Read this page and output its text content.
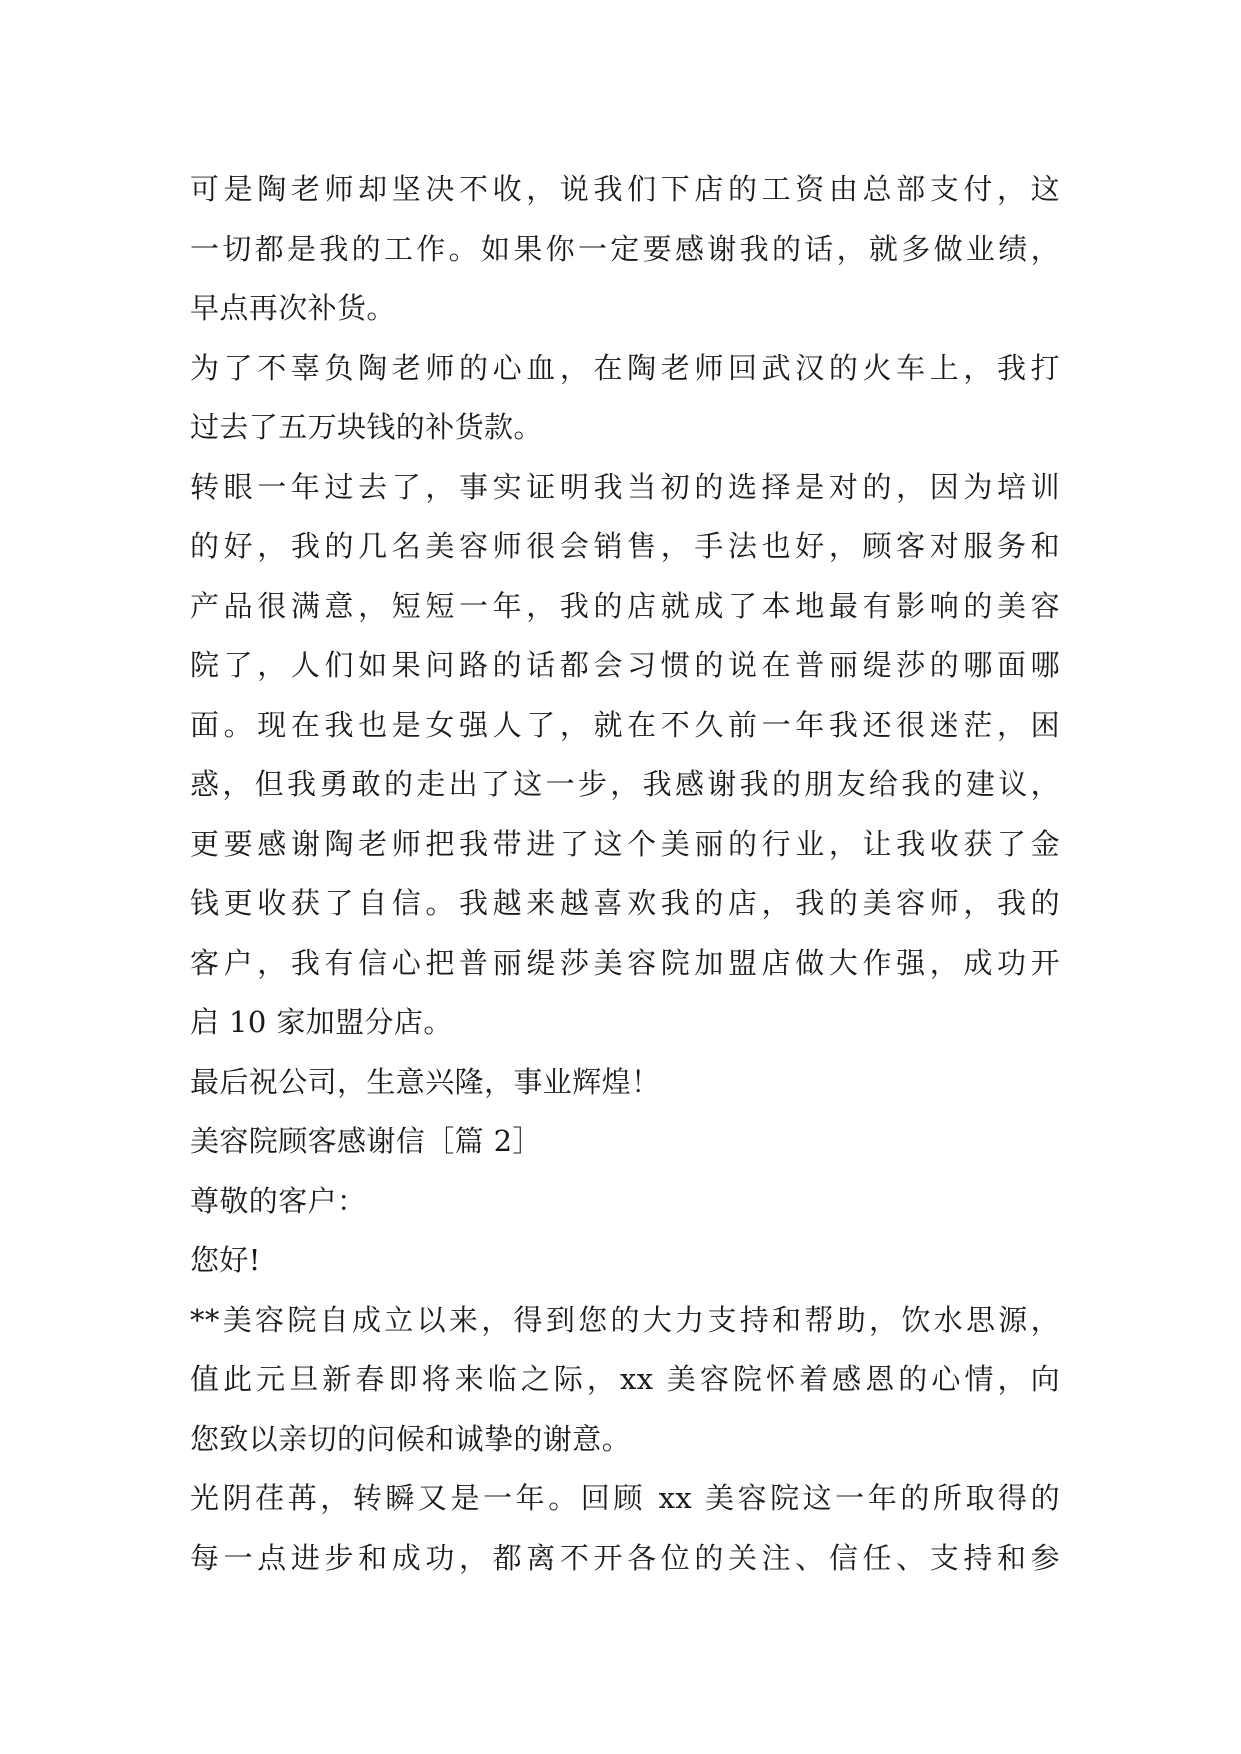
可是陶老师却坚决不收，说我们下店的工资由总部支付，这
一切都是我的工作。如果你一定要感谢我的话，就多做业绩，
早点再次补货。
为了不辜负陶老师的心血，在陶老师回武汉的火车上，我打
过去了五万块钱的补货款。
转眼一年过去了，事实证明我当初的选择是对的，因为培训
的好，我的几名美容师很会销售，手法也好，顾客对服务和
产品很满意，短短一年，我的店就成了本地最有影响的美容
院了，人们如果问路的话都会习惯的说在普丽缇莎的哪面哪
面。现在我也是女强人了，就在不久前一年我还很迷茫，困
惑，但我勇敢的走出了这一步，我感谢我的朋友给我的建议，
更要感谢陶老师把我带进了这个美丽的行业，让我收获了金
钱更收获了自信。我越来越喜欢我的店，我的美容师，我的
客户，我有信心把普丽缇莎美容院加盟店做大作强，成功开
启 10 家加盟分店。
最后祝公司，生意兴隆，事业辉煌！
美容院顾客感谢信［篇 2］
尊敬的客户：
您好!
**美容院自成立以来，得到您的大力支持和帮助，饮水思源，
值此元旦新春即将来临之际，xx 美容院怀着感恩的心情，向
您致以亲切的问候和诚挚的谢意。
光阴荏苒，转瞬又是一年。回顾 xx 美容院这一年的所取得的
每一点进步和成功，都离不开各位的关注、信任、支持和参
